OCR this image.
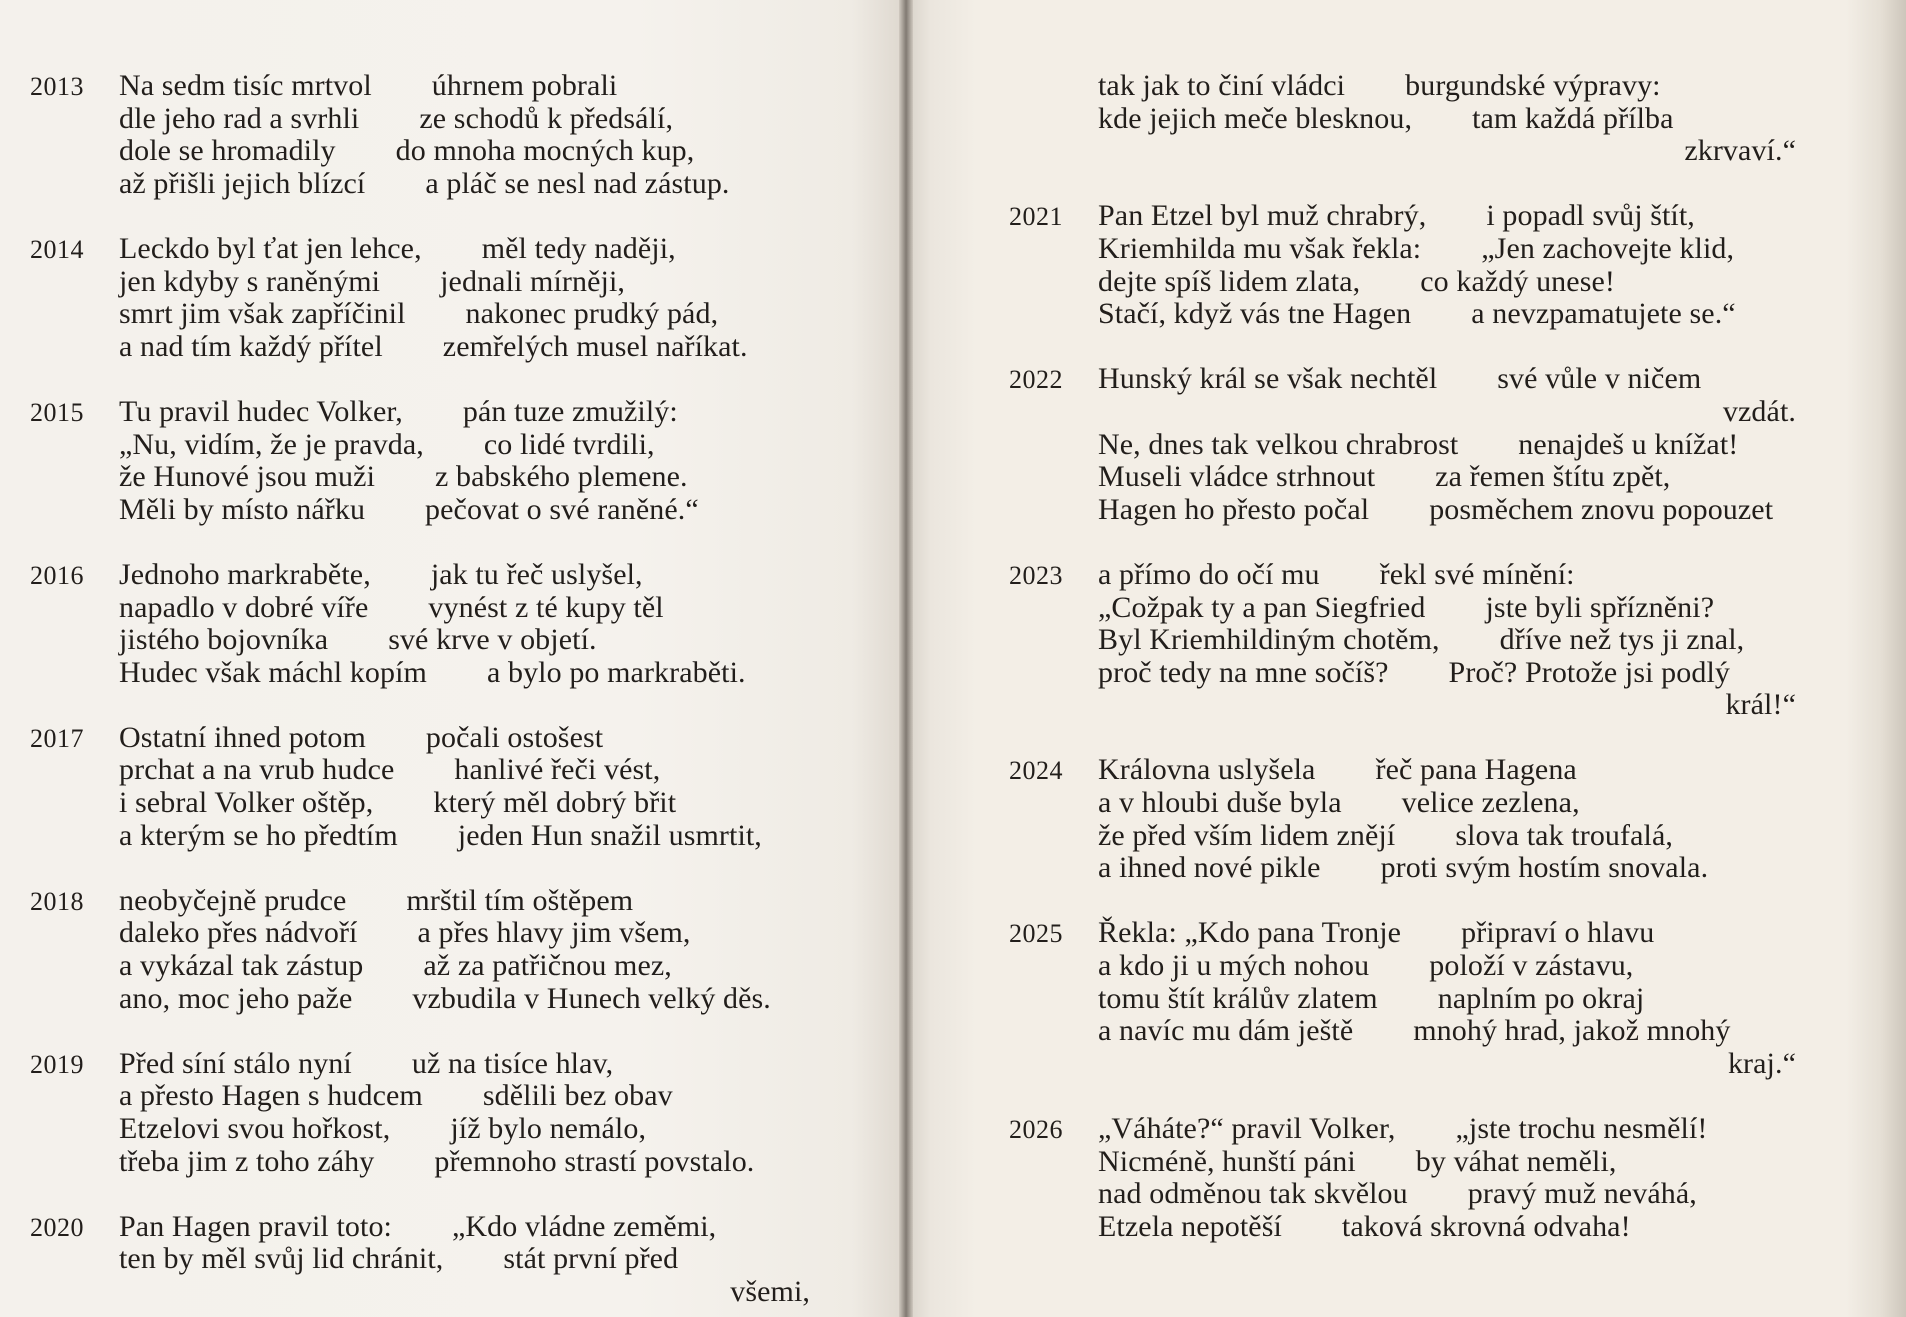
2013	Na sedm tisíc mrtvol úhrnem pobrali
dle jeho rad a svrhli ze schodů k předsálí,
dole se hromadily do mnoha mocných kup,
až přišli jejich blízcí a pláč se nesl nad zástup.
2014	Leckdo byl ťat jen lehce, měl tedy naději,
jen kdyby s raněnými jednali mírněji,
smrt jim však zapříčinil nakonec prudký pád,
a nad tím každý přítel zemřelých musel naříkat.
2015	Tu pravil hudec Volker, pán tuze zmužilý:
„Nu, vidím, že je pravda, co lidé tvrdili,
že Hunové jsou muži z babského plemene.
Měli by místo nářku pečovat o své raněné.“
2016	Jednoho markraběte, jak tu řeč uslyšel,
napadlo v dobré víře vynést z té kupy těl
jistého bojovníka své krve v objetí.
Hudec však máchl kopím a bylo po markraběti.
2017	Ostatní ihned potom počali ostošest
prchat a na vrub hudce hanlivé řeči vést,
i sebral Volker oštěp, který měl dobrý břit
a kterým se ho předtím jeden Hun snažil usmrtit,
2018	neobyčejně prudce mrštil tím oštěpem
daleko přes nádvoří a přes hlavy jim všem,
a vykázal tak zástup až za patřičnou mez,
ano, moc jeho paže vzbudila v Hunech velký děs.
2019	Před síní stálo nyní už na tisíce hlav,
a přesto Hagen s hudcem sdělili bez obav
Etzelovi svou hořkost, jíž bylo nemálo,
třeba jim z toho záhy přemnoho strastí povstalo.
2020	Pan Hagen pravil toto: „Kdo vládne zeměmi,
ten by měl svůj lid chránit, stát první před
všemi,
tak jak to činí vládci burgundské výpravy:
kde jejich meče blesknou, tam každá přílba
zkrvaví.“
2021	Pan Etzel byl muž chrabrý, i popadl svůj štít,
Kriemhilda mu však řekla: „Jen zachovejte klid,
dejte spíš lidem zlata, co každý unese!
Stačí, když vás tne Hagen a nevzpamatujete se.“
2022	Hunský král se však nechtěl své vůle v ničem
vzdát.
Ne, dnes tak velkou chrabrost nenajdeš u knížat!
Museli vládce strhnout za řemen štítu zpět,
Hagen ho přesto počal posměchem znovu popouzet
2023	a přímo do očí mu řekl své mínění:
„Cožpak ty a pan Siegfried jste byli spřízněni?
Byl Kriemhildiným chotěm, dříve než tys ji znal,
proč tedy na mne sočíš? Proč? Protože jsi podlý
král!“
2024	Královna uslyšela řeč pana Hagena
a v hloubi duše byla velice zezlena,
že před vším lidem znějí slova tak troufalá,
a ihned nové pikle proti svým hostím snovala.
2025	Řekla: „Kdo pana Tronje připraví o hlavu
a kdo ji u mých nohou položí v zástavu,
tomu štít králův zlatem naplním po okraj
a navíc mu dám ještě mnohý hrad, jakož mnohý
kraj.“
2026	„Váháte?“ pravil Volker, „jste trochu nesmělí!
Nicméně, hunští páni by váhat neměli,
nad odměnou tak skvělou pravý muž neváhá,
Etzela nepotěší taková skrovná odvaha!
